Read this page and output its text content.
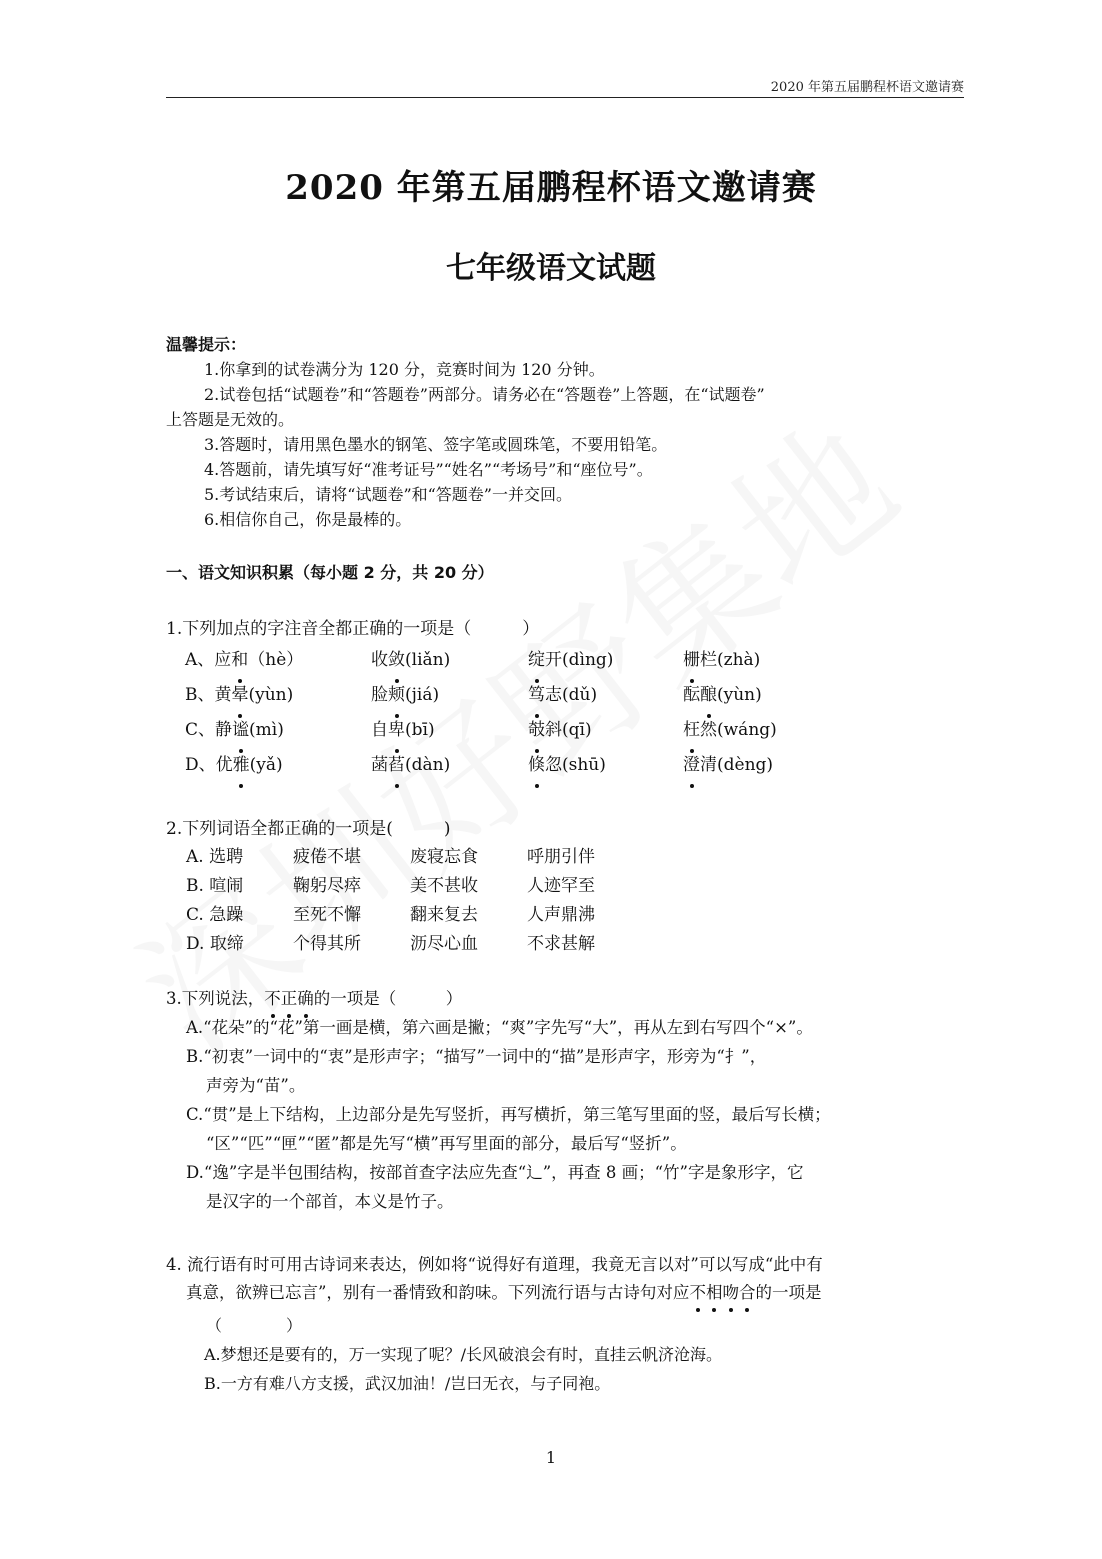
2020 年第五届鹏程杯语文邀请赛
2020 年第五届鹏程杯语文邀请赛
七年级语文试题
温馨提示：
1.你拿到的试卷满分为 120 分，竞赛时间为 120 分钟。
2.试卷包括“试题卷”和“答题卷”两部分。请务必在“答题卷”上答题，在“试题卷”
上答题是无效的。
3.答题时，请用黑色墨水的钢笔、签字笔或圆珠笔，不要用铅笔。
4.答题前，请先填写好“准考证号”“姓名”“考场号”和“座位号”。
5.考试结束后，请将“试题卷”和“答题卷”一并交回。
6.相信你自己，你是最棒的。
一、语文知识积累（每小题 2 分，共 20 分）
1.下列加点的字注音全都正确的一项是（　　　）
A、应和（hè）	收敛(liǎn)	绽开(dìng)	栅栏(zhà)
B、黄晕(yùn)	脸颊(jiá)	笃志(dǔ)	酝酿(yùn)
C、静谧(mì)	自卑(bī)	攲斜(qī)	枉然(wáng)
D、优雅(yǎ)	菡萏(dàn)	倏忽(shū)	澄清(dèng)
2.下列词语全都正确的一项是(　　　)
A. 选聘	疲倦不堪	废寝忘食	呼朋引伴
B. 喧闹	鞠躬尽瘁	美不甚收	人迹罕至
C. 急躁	至死不懈	翻来复去	人声鼎沸
D. 取缔	个得其所	沥尽心血	不求甚解
3.下列说法，不正确的一项是（　　　）
A.“花朵”的“花”第一画是横，第六画是撇；“爽”字先写“大”，再从左到右写四个“×”。
B.“初衷”一词中的“衷”是形声字；“描写”一词中的“描”是形声字，形旁为“扌”，
声旁为“苗”。
C.“贯”是上下结构，上边部分是先写竖折，再写横折，第三笔写里面的竖，最后写长横；
“区”“匹”“匣”“匿”都是先写“横”再写里面的部分，最后写“竖折”。
D.“逸”字是半包围结构，按部首查字法应先查“辶”，再查 8 画；“竹”字是象形字，它
是汉字的一个部首，本义是竹子。
4. 流行语有时可用古诗词来表达，例如将“说得好有道理，我竟无言以对”可以写成“此中有
真意，欲辨已忘言”，别有一番情致和韵味。下列流行语与古诗句对应不相吻合的一项是
（　　　　）
A.梦想还是要有的，万一实现了呢？/长风破浪会有时，直挂云帆济沧海。
B.一方有难八方支援，武汉加油！/岂曰无衣，与子同袍。
1
